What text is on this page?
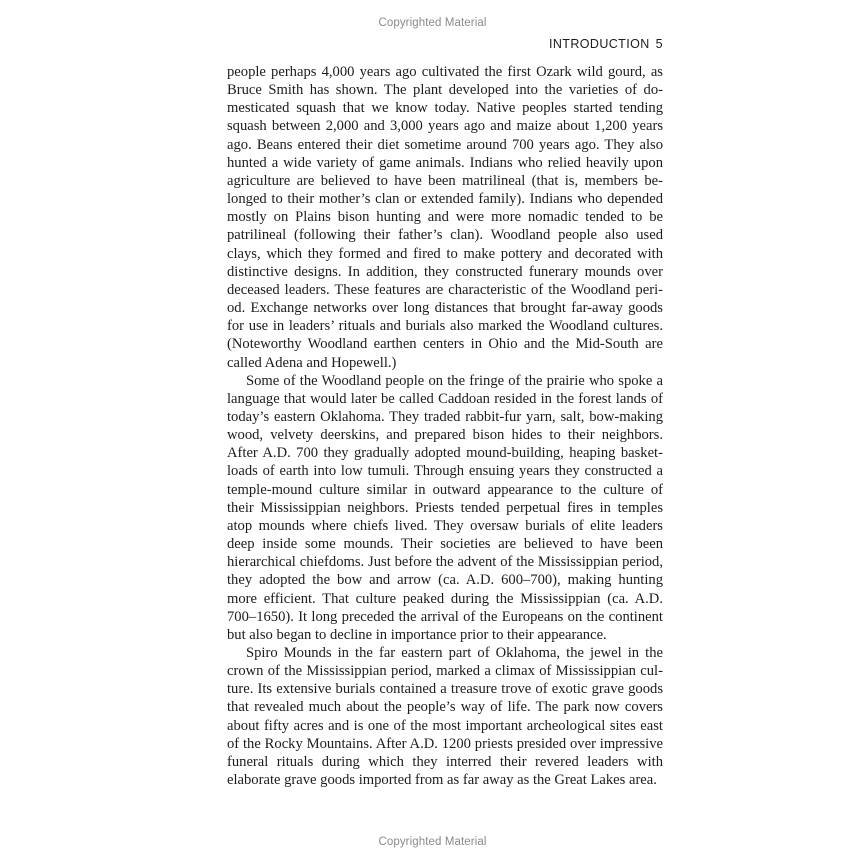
Copyrighted Material
INTRODUCTION 5

people perhaps 4,000 years ago cultivated the first Ozark wild gourd, as Bruce Smith has shown. The plant developed into the varieties of domesticated squash that we know today. Native peoples started tending squash between 2,000 and 3,000 years ago and maize about 1,200 years ago. Beans entered their diet sometime around 700 years ago. They also hunted a wide variety of game animals. Indians who relied heavily upon agriculture are believed to have been matrilineal (that is, members belonged to their mother’s clan or extended family). Indians who depended mostly on Plains bison hunting and were more nomadic tended to be patrilineal (following their father’s clan). Woodland people also used clays, which they formed and fired to make pottery and decorated with distinctive designs. In addition, they constructed funerary mounds over deceased leaders. These features are characteristic of the Woodland period. Exchange networks over long distances that brought far-away goods for use in leaders’ rituals and burials also marked the Woodland cultures. (Noteworthy Woodland earthen centers in Ohio and the Mid-South are called Adena and Hopewell.)

Some of the Woodland people on the fringe of the prairie who spoke a language that would later be called Caddoan resided in the forest lands of today’s eastern Oklahoma. They traded rabbit-fur yarn, salt, bow-making wood, velvety deerskins, and prepared bison hides to their neighbors. After A.D. 700 they gradually adopted mound-building, heaping basketloads of earth into low tumuli. Through ensuing years they constructed a temple-mound culture similar in outward appearance to the culture of their Mississippian neighbors. Priests tended perpetual fires in temples atop mounds where chiefs lived. They oversaw burials of elite leaders deep inside some mounds. Their societies are believed to have been hierarchical chiefdoms. Just before the advent of the Mississippian period, they adopted the bow and arrow (ca. A.D. 600–700), making hunting more efficient. That culture peaked during the Mississippian (ca. A.D. 700–1650). It long preceded the arrival of the Europeans on the continent but also began to decline in importance prior to their appearance.

Spiro Mounds in the far eastern part of Oklahoma, the jewel in the crown of the Mississippian period, marked a climax of Mississippian culture. Its extensive burials contained a treasure trove of exotic grave goods that revealed much about the people’s way of life. The park now covers about fifty acres and is one of the most important archeological sites east of the Rocky Mountains. After A.D. 1200 priests presided over impressive funeral rituals during which they interred their revered leaders with elaborate grave goods imported from as far away as the Great Lakes area.

Copyrighted Material
